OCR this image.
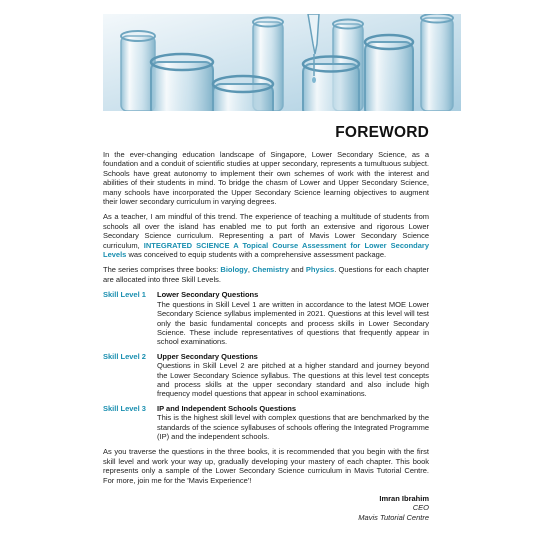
FOREWORD

In the ever-changing education landscape of Singapore, Lower Secondary Science, as a foundation and a conduit of scientific studies at upper secondary, represents a tumultuous subject. Schools have great autonomy to implement their own schemes of work with the interest and abilities of their students in mind. To bridge the chasm of Lower and Upper Secondary Science, many schools have incorporated the Upper Secondary Science learning objectives to augment their lower secondary curriculum in varying degrees.

As a teacher, I am mindful of this trend. The experience of teaching a multitude of students from schools all over the island has enabled me to put forth an extensive and rigorous Lower Secondary Science curriculum. Representing a part of Mavis Lower Secondary Science curriculum, INTEGRATED SCIENCE A Topical Course Assessment for Lower Secondary Levels was conceived to equip students with a comprehensive assessment package.

The series comprises three books: Biology, Chemistry and Physics. Questions for each chapter are allocated into three Skill Levels.

Skill Level 1	Lower Secondary Questions
The questions in Skill Level 1 are written in accordance to the latest MOE Lower Secondary Science syllabus implemented in 2021. Questions at this level will test only the basic fundamental concepts and process skills in Lower Secondary Science. These include representatives of questions that frequently appear in school examinations.
Skill Level 2	Upper Secondary Questions
Questions in Skill Level 2 are pitched at a higher standard and journey beyond the Lower Secondary Science syllabus. The questions at this level test concepts and process skills at the upper secondary standard and also include high frequency model questions that appear in school examinations.
Skill Level 3	IP and Independent Schools Questions
This is the highest skill level with complex questions that are benchmarked by the standards of the science syllabuses of schools offering the Integrated Programme (IP) and the independent schools.

As you traverse the questions in the three books, it is recommended that you begin with the first skill level and work your way up, gradually developing your mastery of each chapter. This book represents only a sample of the Lower Secondary Science curriculum in Mavis Tutorial Centre. For more, join me for the 'Mavis Experience'!

Imran Ibrahim
CEO
Mavis Tutorial Centre
